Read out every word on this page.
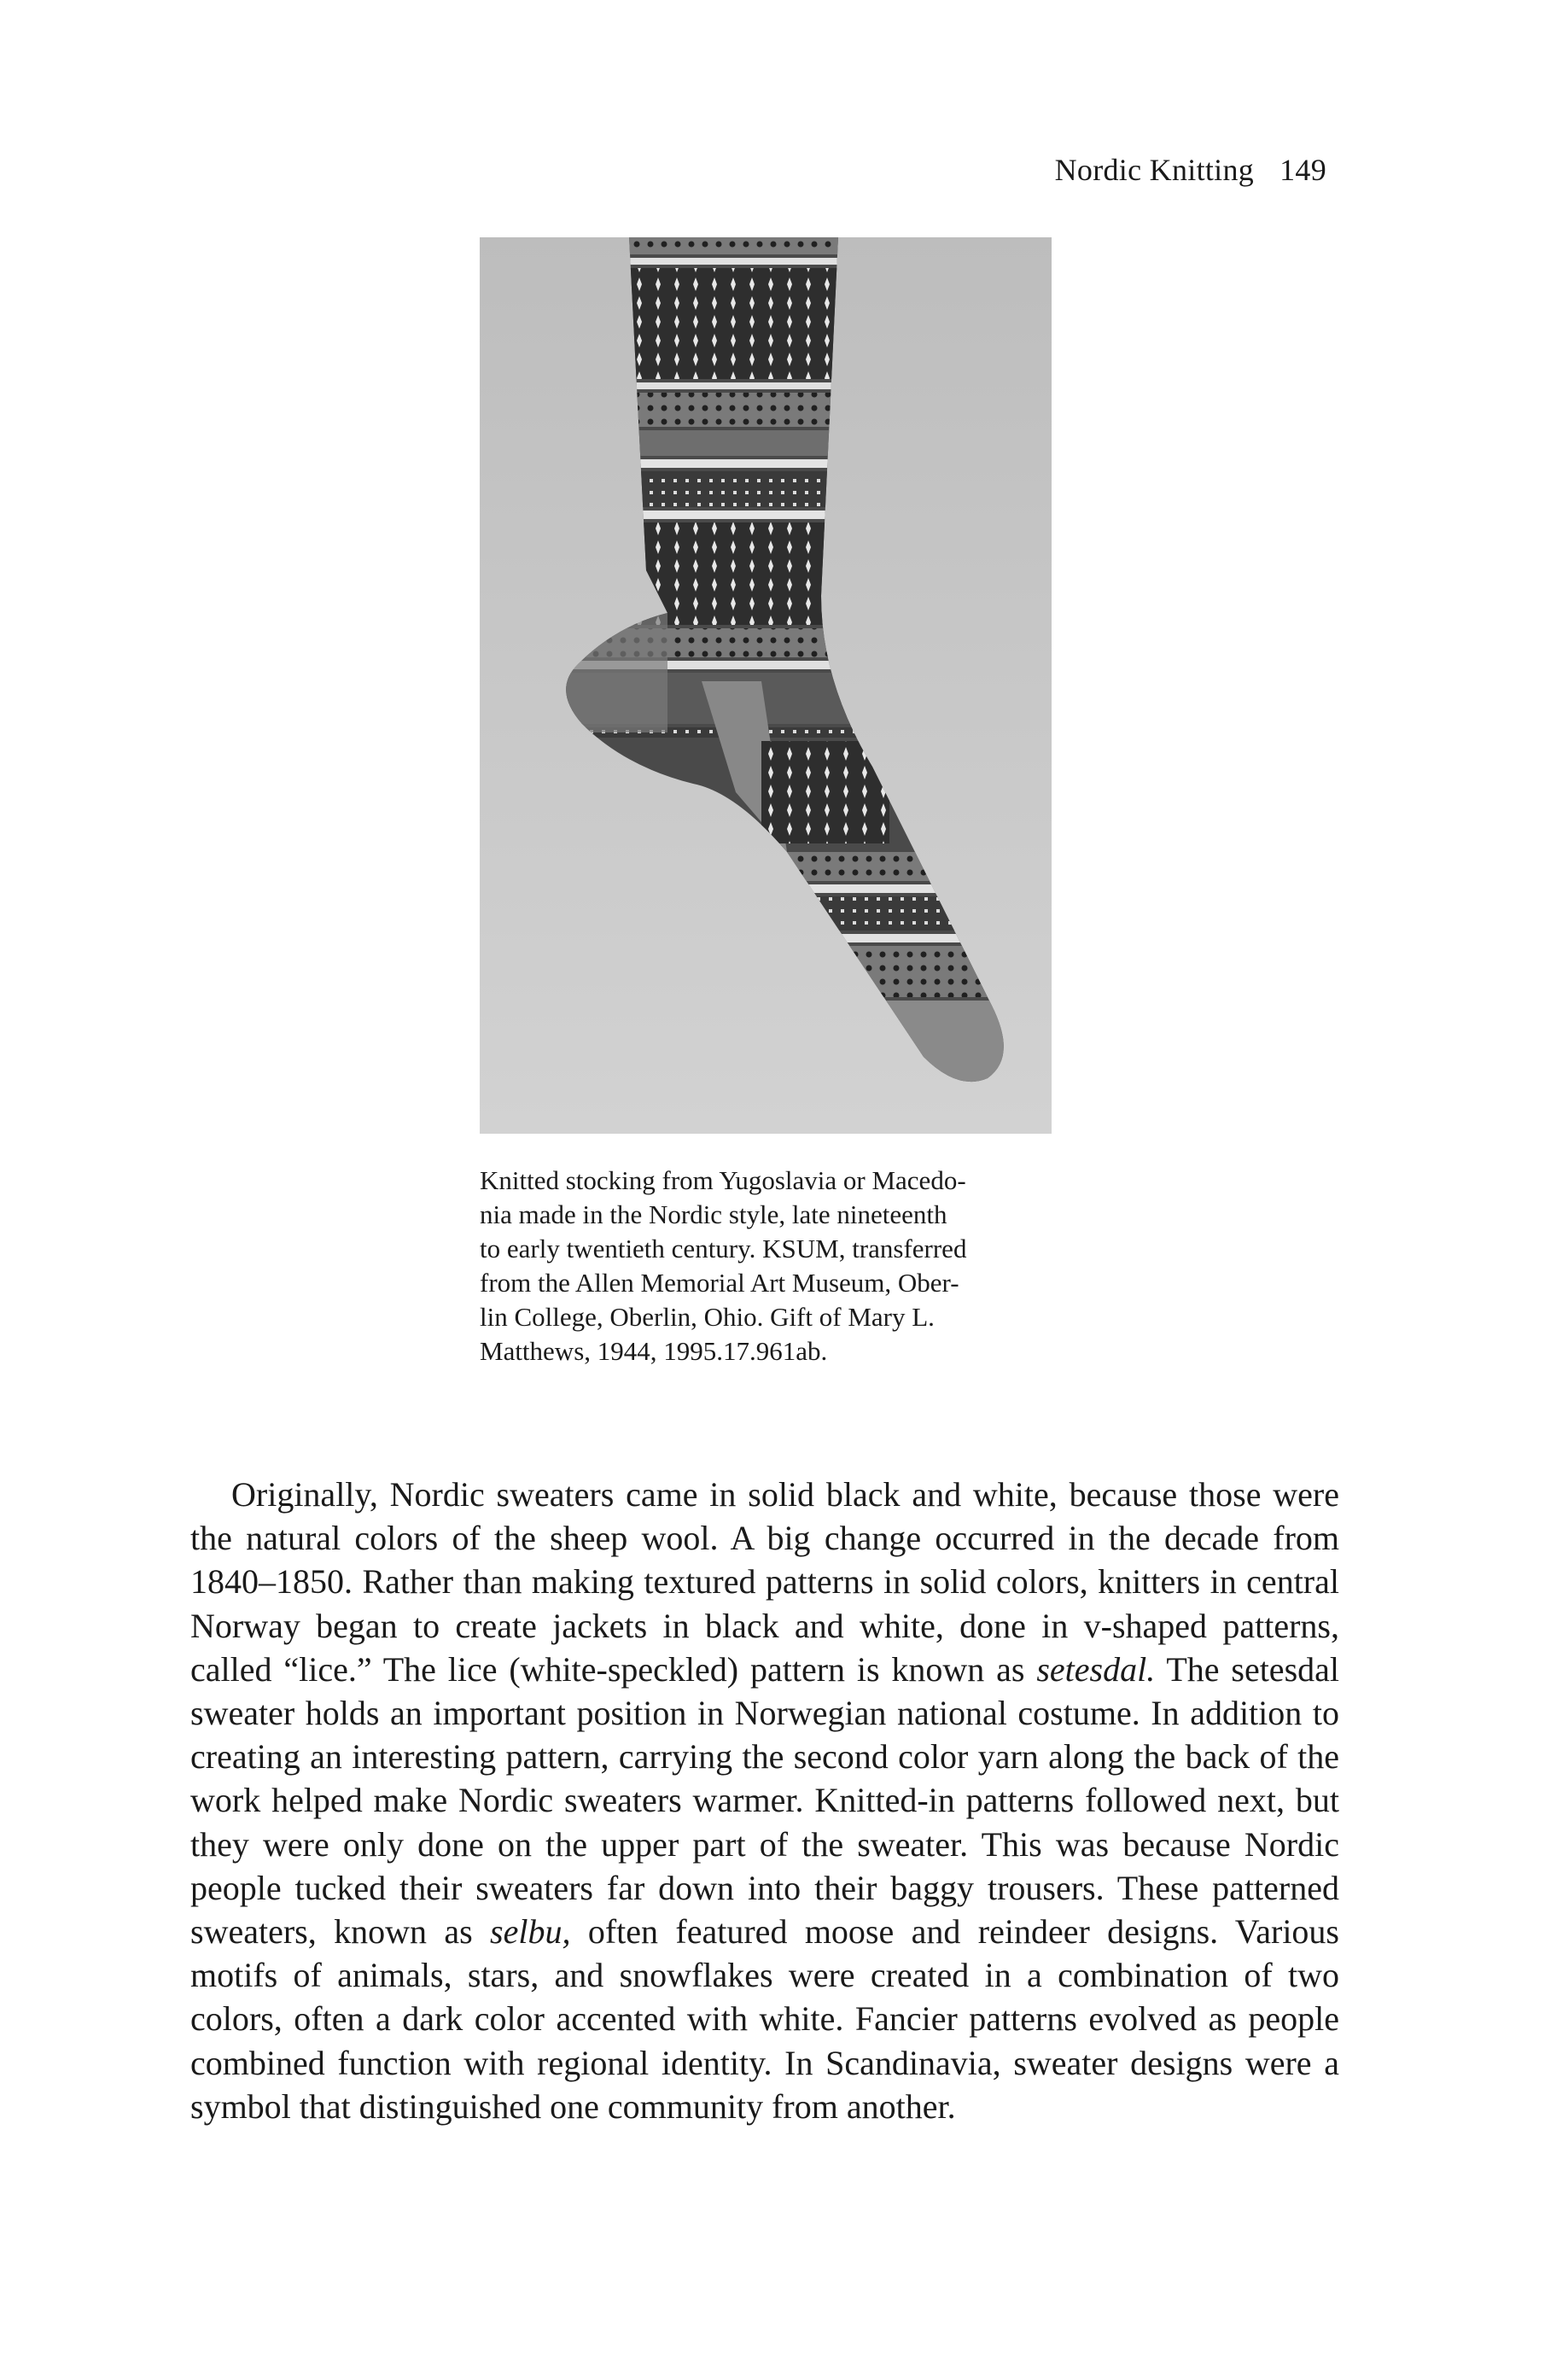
Nordic Knitting 149
Knitted stocking from Yugoslavia or Macedo-
nia made in the Nordic style, late nineteenth
to early twentieth century. KSUM, transferred
from the Allen Memorial Art Museum, Ober-
lin College, Oberlin, Ohio. Gift of Mary L.
Matthews, 1944, 1995.17.961ab.

Originally, Nordic sweaters came in solid black and white, because those were the natural colors of the sheep wool. A big change occurred in the decade from 1840–1850. Rather than making textured patterns in solid colors, knitters in central Norway began to create jackets in black and white, done in v-shaped patterns, called “lice.” The lice (white-speckled) pattern is known as setesdal. The setesdal sweater holds an important position in Norwegian national costume. In addition to creating an interesting pattern, carrying the second color yarn along the back of the work helped make Nordic sweaters warmer. Knitted-in patterns followed next, but they were only done on the upper part of the sweater. This was because Nordic people tucked their sweaters far down into their baggy trousers. These patterned sweaters, known as selbu, often featured moose and reindeer designs. Various motifs of animals, stars, and snowflakes were created in a combination of two colors, often a dark color accented with white. Fancier patterns evolved as people combined function with regional identity. In Scandinavia, sweater designs were a symbol that distinguished one community from another.
